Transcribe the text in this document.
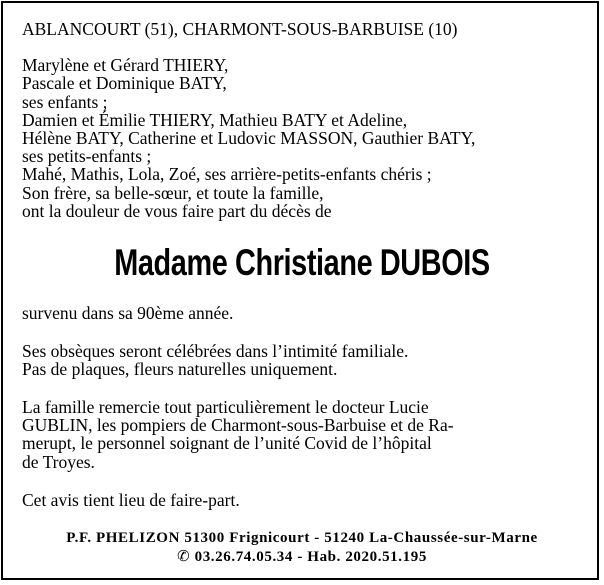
ABLANCOURT (51), CHARMONT-SOUS-BARBUISE (10)
Marylène et Gérard THIERY,
Pascale et Dominique BATY,
ses enfants ;
Damien et Émilie THIERY, Mathieu BATY et Adeline,
Hélène BATY, Catherine et Ludovic MASSON, Gauthier BATY,
ses petits-enfants ;
Mahé, Mathis, Lola, Zoé, ses arrière-petits-enfants chéris ;
Son frère, sa belle-sœur, et toute la famille,
ont la douleur de vous faire part du décès de
Madame Christiane DUBOIS
survenu dans sa 90ème année.
Ses obsèques seront célébrées dans l’intimité familiale.
Pas de plaques, fleurs naturelles uniquement.
La famille remercie tout particulièrement le docteur Lucie
GUBLIN, les pompiers de Charmont-sous-Barbuise et de Ra-
merupt, le personnel soignant de l’unité Covid de l’hôpital
de Troyes.
Cet avis tient lieu de faire-part.
P.F. PHELIZON 51300 Frignicourt - 51240 La-Chaussée-sur-Marne
✆ 03.26.74.05.34 - Hab. 2020.51.195
